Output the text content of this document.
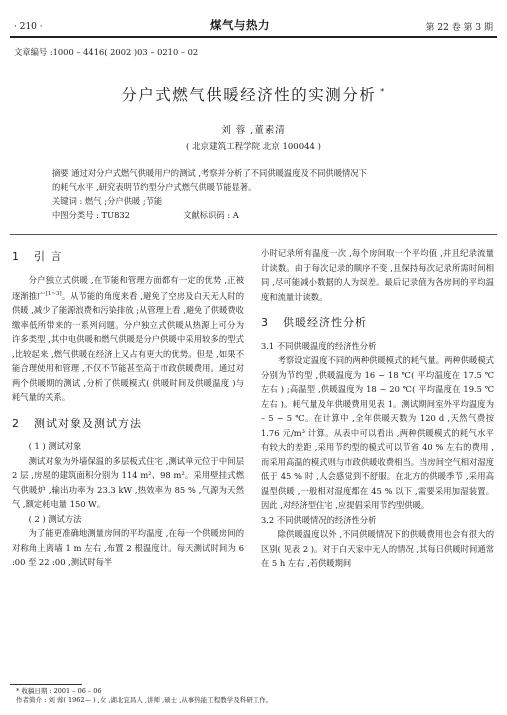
· 210 ·	煤气与热力	第 22 卷 第 3 期
文章编号 :1000 – 4416( 2002 )03 – 0210 – 02
分户式燃气供暖经济性的实测分析 *
刘 蓉 ,董素清
( 北京建筑工程学院 北京 100044 )
摘要 通过对分户式燃气供暖用户的测试 ,考察并分析了不同供暖温度及不同供暖情况下
的耗气水平 ,研究表明节约型分户式燃气供暖节能显著。
关键词 : 燃气 ;分户供暖 ;节能
中图分类号 : TU832	文献标识码 : A
1 引 言

分户独立式供暖 ,在节能和管理方面都有一定的优势 ,正被逐渐推广[1~3]。从节能的角度来看 ,避免了空房及白天无人时的供暖 ,减少了能源浪费和污染排放 ;从管理上看 ,避免了供暖费收缴率低所带来的一系列问题。分户独立式供暖从热源上可分为许多类型 ,其中电供暖和燃气供暖是分户供暖中采用较多的型式 ,比较起来 ,燃气供暖在经济上又占有更大的优势。但是 ,如果不能合理使用和管理 ,不仅不节能甚至高于市政供暖费用。通过对两个供暖期的测试 ,分析了供暖模式( 供暖时间及供暖温度 )与耗气量的关系。

2 测试对象及测试方法
( 1 ) 测试对象

测试对象为外墙保温的多层板式住宅 ,测试单元位于中间层 2 层 ,房屋的建筑面积分别为 114 m²、98 m²。采用壁挂式燃气供暖炉 ,输出功率为 23.3 kW ,热效率为 85 % ,气源为天然气 ,额定耗电量 150 W。

( 2 ) 测试方法

为了能更准确地测量房间的平均温度 ,在每一个供暖房间的对称角上离墙 1 m 左右 ,布置 2 根温度计。每天测试时间为 6 :00 至 22 :00 ,测试时每半

小时记录所有温度一次 ,每个房间取一个平均值 ,并且纪录流量计读数。由于每次记录的顺序不变 ,且保持每次记录所需时间相同 ,尽可能减小数据的人为误差。最后记录值为各房间的平均温度和流量计读数。

3 供暖经济性分析
3.1 不同供暖温度的经济性分析

考察设定温度不同的两种供暖模式的耗气量。两种供暖模式分别为节约型 ,供暖温度为 16 ~ 18 ℃( 平均温度在 17.5 ℃左右 ) ;高温型 ,供暖温度为 18 ~ 20 ℃( 平均温度在 19.5 ℃左右 )。耗气量及年供暖费用见表 1。测试期间室外平均温度为 – 5 ~ 5 ℃。在计算中 ,全年供暖天数为 120 d ,天然气费按 1.76 元/m³ 计算。从表中可以看出 ,两种供暖模式的耗气水平有较大的差距 ,采用节约型的模式可以节省 40 % 左右的费用 ,而采用高温的模式则与市政供暖收费相当。当房间空气相对湿度低于 45 % 时 ,人会感觉到不舒服。在北方的供暖季节 ,采用高温型供暖 ,一般相对湿度都在 45 % 以下 ,需要采用加湿装置。因此 ,对经济型住宅 ,应提倡采用节约型供暖。

3.2 不同供暖情况的经济性分析

除供暖温度以外 ,不同供暖情况下的供暖费用也会有很大的区别( 见表 2 )。对于白天家中无人的情况 ,其每日供暖时间通常在 5 h 左右 ,若供暖期间

* 收稿日期 : 2001 – 06 – 06
作者简介 : 刘 蓉( 1962— ) ,女 ,湖北宜昌人 ,讲师 ,硕士 ,从事热能工程教学及科研工作。
